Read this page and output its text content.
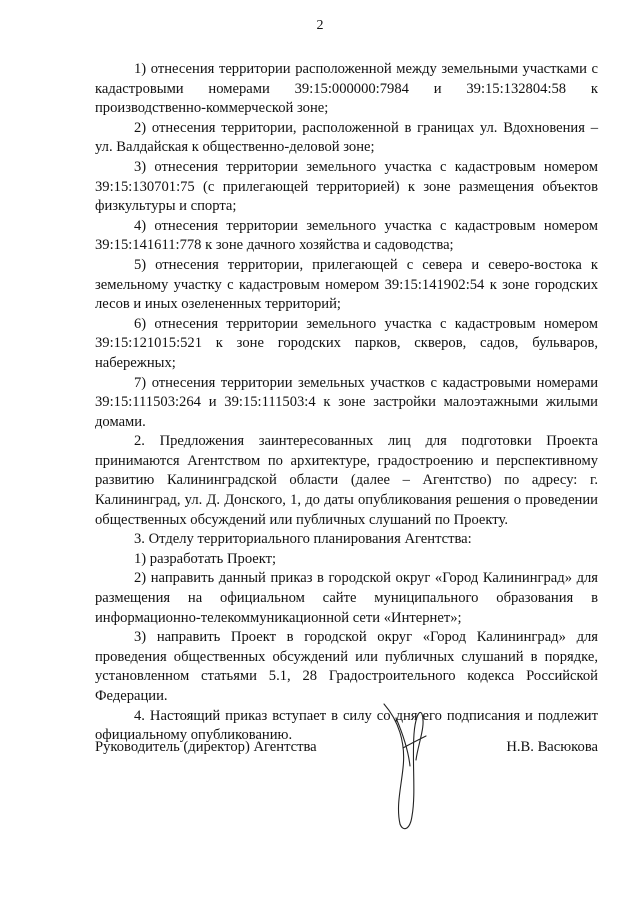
2

1) отнесения территории расположенной между земельными участками с кадастровыми номерами 39:15:000000:7984 и 39:15:132804:58 к производственно-коммерческой зоне;

2) отнесения территории, расположенной в границах ул. Вдохновения – ул. Валдайская к общественно-деловой зоне;

3) отнесения территории земельного участка с кадастровым номером 39:15:130701:75 (с прилегающей территорией) к зоне размещения объектов физкультуры и спорта;

4) отнесения территории земельного участка с кадастровым номером 39:15:141611:778 к зоне дачного хозяйства и садоводства;

5) отнесения территории, прилегающей с севера и северо-востока к земельному участку с кадастровым номером 39:15:141902:54 к зоне городских лесов и иных озелененных территорий;

6) отнесения территории земельного участка с кадастровым номером 39:15:121015:521 к зоне городских парков, скверов, садов, бульваров, набережных;

7) отнесения территории земельных участков с кадастровыми номерами 39:15:111503:264 и 39:15:111503:4 к зоне застройки малоэтажными жилыми домами.

2. Предложения заинтересованных лиц для подготовки Проекта принимаются Агентством по архитектуре, градостроению и перспективному развитию Калининградской области (далее – Агентство) по адресу: г. Калининград, ул. Д. Донского, 1, до даты опубликования решения о проведении общественных обсуждений или публичных слушаний по Проекту.

3. Отделу территориального планирования Агентства:

1) разработать Проект;

2) направить данный приказ в городской округ «Город Калининград» для размещения на официальном сайте муниципального образования в информационно-телекоммуникационной сети «Интернет»;

3) направить Проект в городской округ «Город Калининград» для проведения общественных обсуждений или публичных слушаний в порядке, установленном статьями 5.1, 28 Градостроительного кодекса Российской Федерации.

4. Настоящий приказ вступает в силу со дня его подписания и подлежит официальному опубликованию.

Руководитель (директор) Агентства	Н.В. Васюкова
